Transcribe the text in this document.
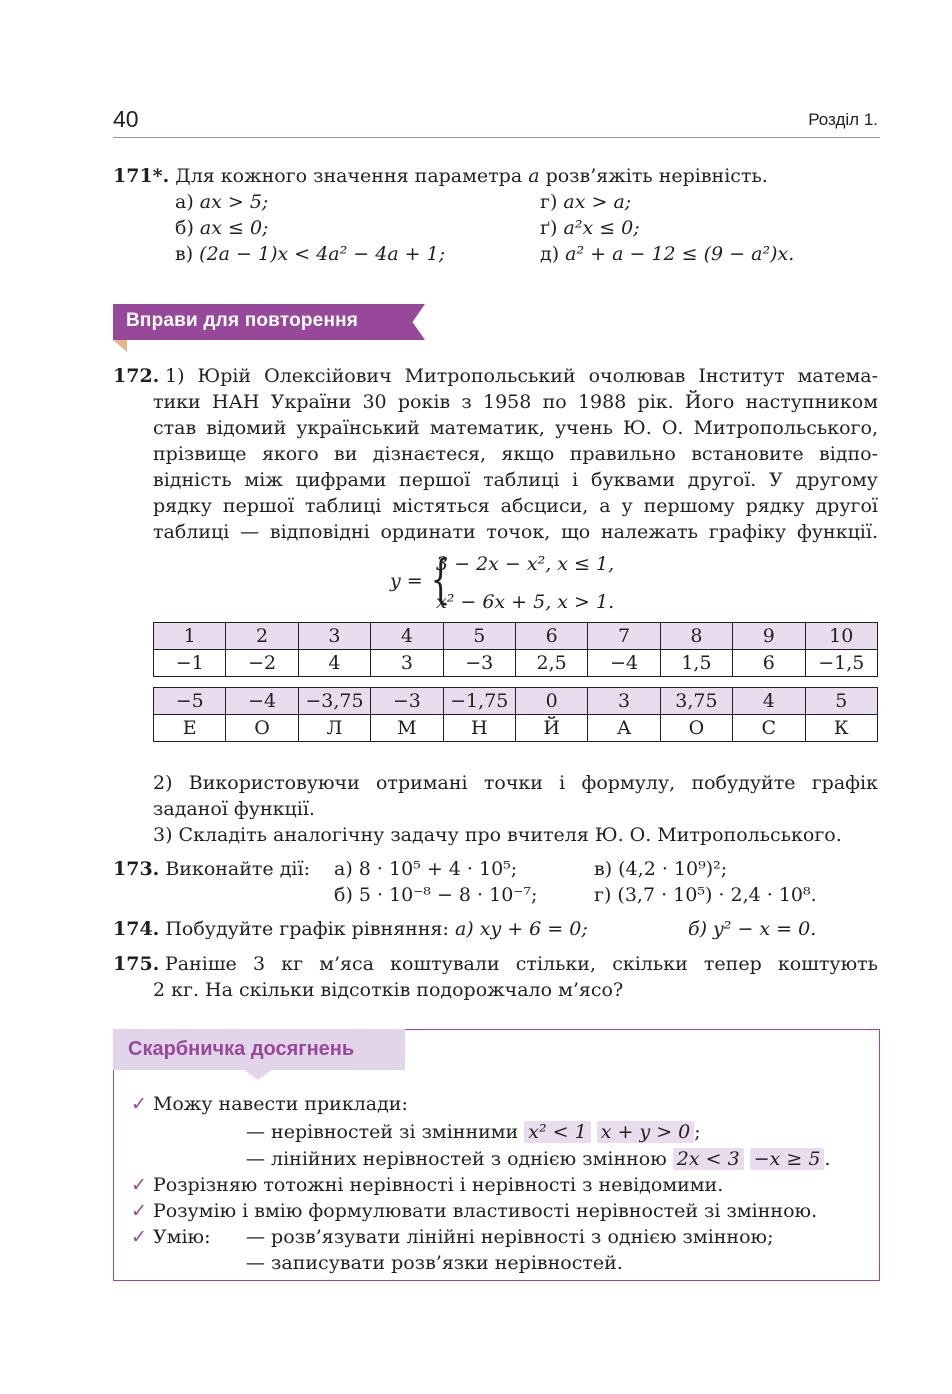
40	Розділ 1.
171*. Для кожного значення параметра a розв’яжіть нерівність.
а) ax > 5;
б) ax ≤ 0;
в) (2a − 1)x < 4a² − 4a + 1;
г) ax > a;
ґ) a²x ≤ 0;
д) a² + a − 12 ≤ (9 − a²)x.
Вправи для повторення
172. 1) Юрій Олексійович Митропольський очолював Інститут матема-
тики НАН України 30 років з 1958 по 1988 рік. Його наступником
став відомий український математик, учень Ю. О. Митропольського,
прізвище якого ви дізнаєтеся, якщо правильно встановите відпо-
відність між цифрами першої таблиці і буквами другої. У другому
рядку першої таблиці містяться абсциси, а у першому рядку другої
таблиці — відповідні ординати точок, що належать графіку функції.
y = {
3 − 2x − x², x ≤ 1,
x² − 6x + 5, x > 1.
1	2	3	4	5	6	7	8	9	10
−1	−2	4	3	−3	2,5	−4	1,5	6	−1,5
−5	−4	−3,75	−3	−1,75	0	3	3,75	4	5
Е	О	Л	М	Н	Й	А	О	С	К
2) Використовуючи отримані точки і формулу, побудуйте графік
заданої функції.
3) Складіть аналогічну задачу про вчителя Ю. О. Митропольського.
173. Виконайте дії: а) 8 · 10⁵ + 4 · 10⁵;
б) 5 · 10⁻⁸ − 8 · 10⁻⁷;
в) (4,2 · 10⁹)²;
г) (3,7 · 10⁵) · 2,4 · 10⁸.
174. Побудуйте графік рівняння: а) xy + 6 = 0;	б) y² − x = 0.
175. Раніше 3 кг м’яса коштували стільки, скільки тепер коштують
2 кг. На скільки відсотків подорожчало м’ясо?
Скарбничка досягнень
✓ Можу навести приклади:
— нерівностей зі змінними x² < 1 x + y > 0 ;
— лінійних нерівностей з однією змінною 2x < 3 −x ≥ 5 .
✓ Розрізняю тотожні нерівності і нерівності з невідомими.
✓ Розумію і вмію формулювати властивості нерівностей зі змінною.
✓ Умію: — розв’язувати лінійні нерівності з однією змінною;
— записувати розв’язки нерівностей.
